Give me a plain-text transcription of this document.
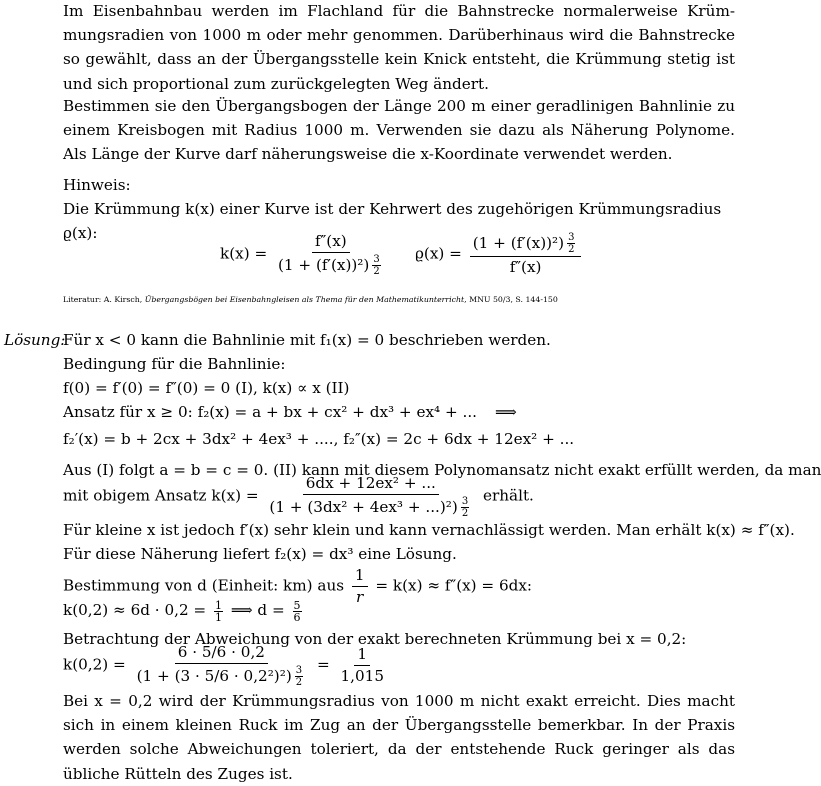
Im Eisenbahnbau werden im Flachland für die Bahnstrecke normalerweise Krüm-mungsradien von 1000 m oder mehr genommen. Darüberhinaus wird die Bahnstrecke so gewählt, dass an der Übergangsstelle kein Knick entsteht, die Krümmung stetig ist und sich proportional zum zurückgelegten Weg ändert.

Bestimmen sie den Übergangsbogen der Länge 200 m einer geradlinigen Bahnlinie zu einem Kreisbogen mit Radius 1000 m. Verwenden sie dazu als Näherung Polynome. Als Länge der Kurve darf näherungsweise die x-Koordinate verwendet werden.

Hinweis:

Die Krümmung k(x) einer Kurve ist der Kehrwert des zugehörigen Krümmungsradius ϱ(x):

$k(x) = \frac{f''(x)}{(1 + (f'(x))^2) \frac{3}{2}} ϱ(x) = \frac{(1 + (f'(x))^2) \frac{3}{2}}{f''(x)}$
Literatur: A. Kirsch, Übergangsbögen bei Eisenbahngleisen als Thema für den Mathematikunterricht, MNU 50/3, S. 144-150
Lösung:
Für x < 0 kann die Bahnlinie mit f₁(x) = 0 beschrieben werden.
Bedingung für die Bahnlinie:
f(0) = f′(0) = f″(0) = 0 (I), k(x) ∝ x (II)
Ansatz für x ≥ 0: f₂(x) = a + bx + cx² + dx³ + ex⁴ + ... ⟹
f₂′(x) = b + 2cx + 3dx² + 4ex³ + ...., f₂″(x) = 2c + 6dx + 12ex² + ...
Aus (I) folgt a = b = c = 0. (II) kann mit diesem Polynomansatz nicht exakt erfüllt werden, da man
mit obigem Ansatz $k(x) = \frac{\text{6dx + 12ex² + ...}}{(1 + (3dx^2 + 4ex^3 + ...)^2) \frac{3}{2}}$ erhält.
Für kleine x ist jedoch f′(x) sehr klein und kann vernachlässigt werden. Man erhält k(x) ≈ f″(x).
Für diese Näherung liefert f₂(x) = dx³ eine Lösung.
Bestimmung von d (Einheit: km) aus $\frac{1}{r} = k(x) \approx f''(x) = 6dx$:
$k(0,2) \approx 6d \cdot 0,2 = \frac{1}{1}$ ⟹ $d = \frac{5}{6}$
Betrachtung der Abweichung von der exakt berechneten Krümmung bei x = 0,2:
$k(0,2) = \frac{6 \cdot 5/6 \cdot 0,2}{(1 + (3 \cdot 5/6 \cdot 0,2^2)^2) \frac{3}{2}} = \frac{1}{1,015}$

Bei x = 0,2 wird der Krümmungsradius von 1000 m nicht exakt erreicht. Dies macht sich in einem kleinen Ruck im Zug an der Übergangsstelle bemerkbar. In der Praxis werden solche Abweichungen toleriert, da der entstehende Ruck geringer als das übliche Rütteln des Zuges ist.
